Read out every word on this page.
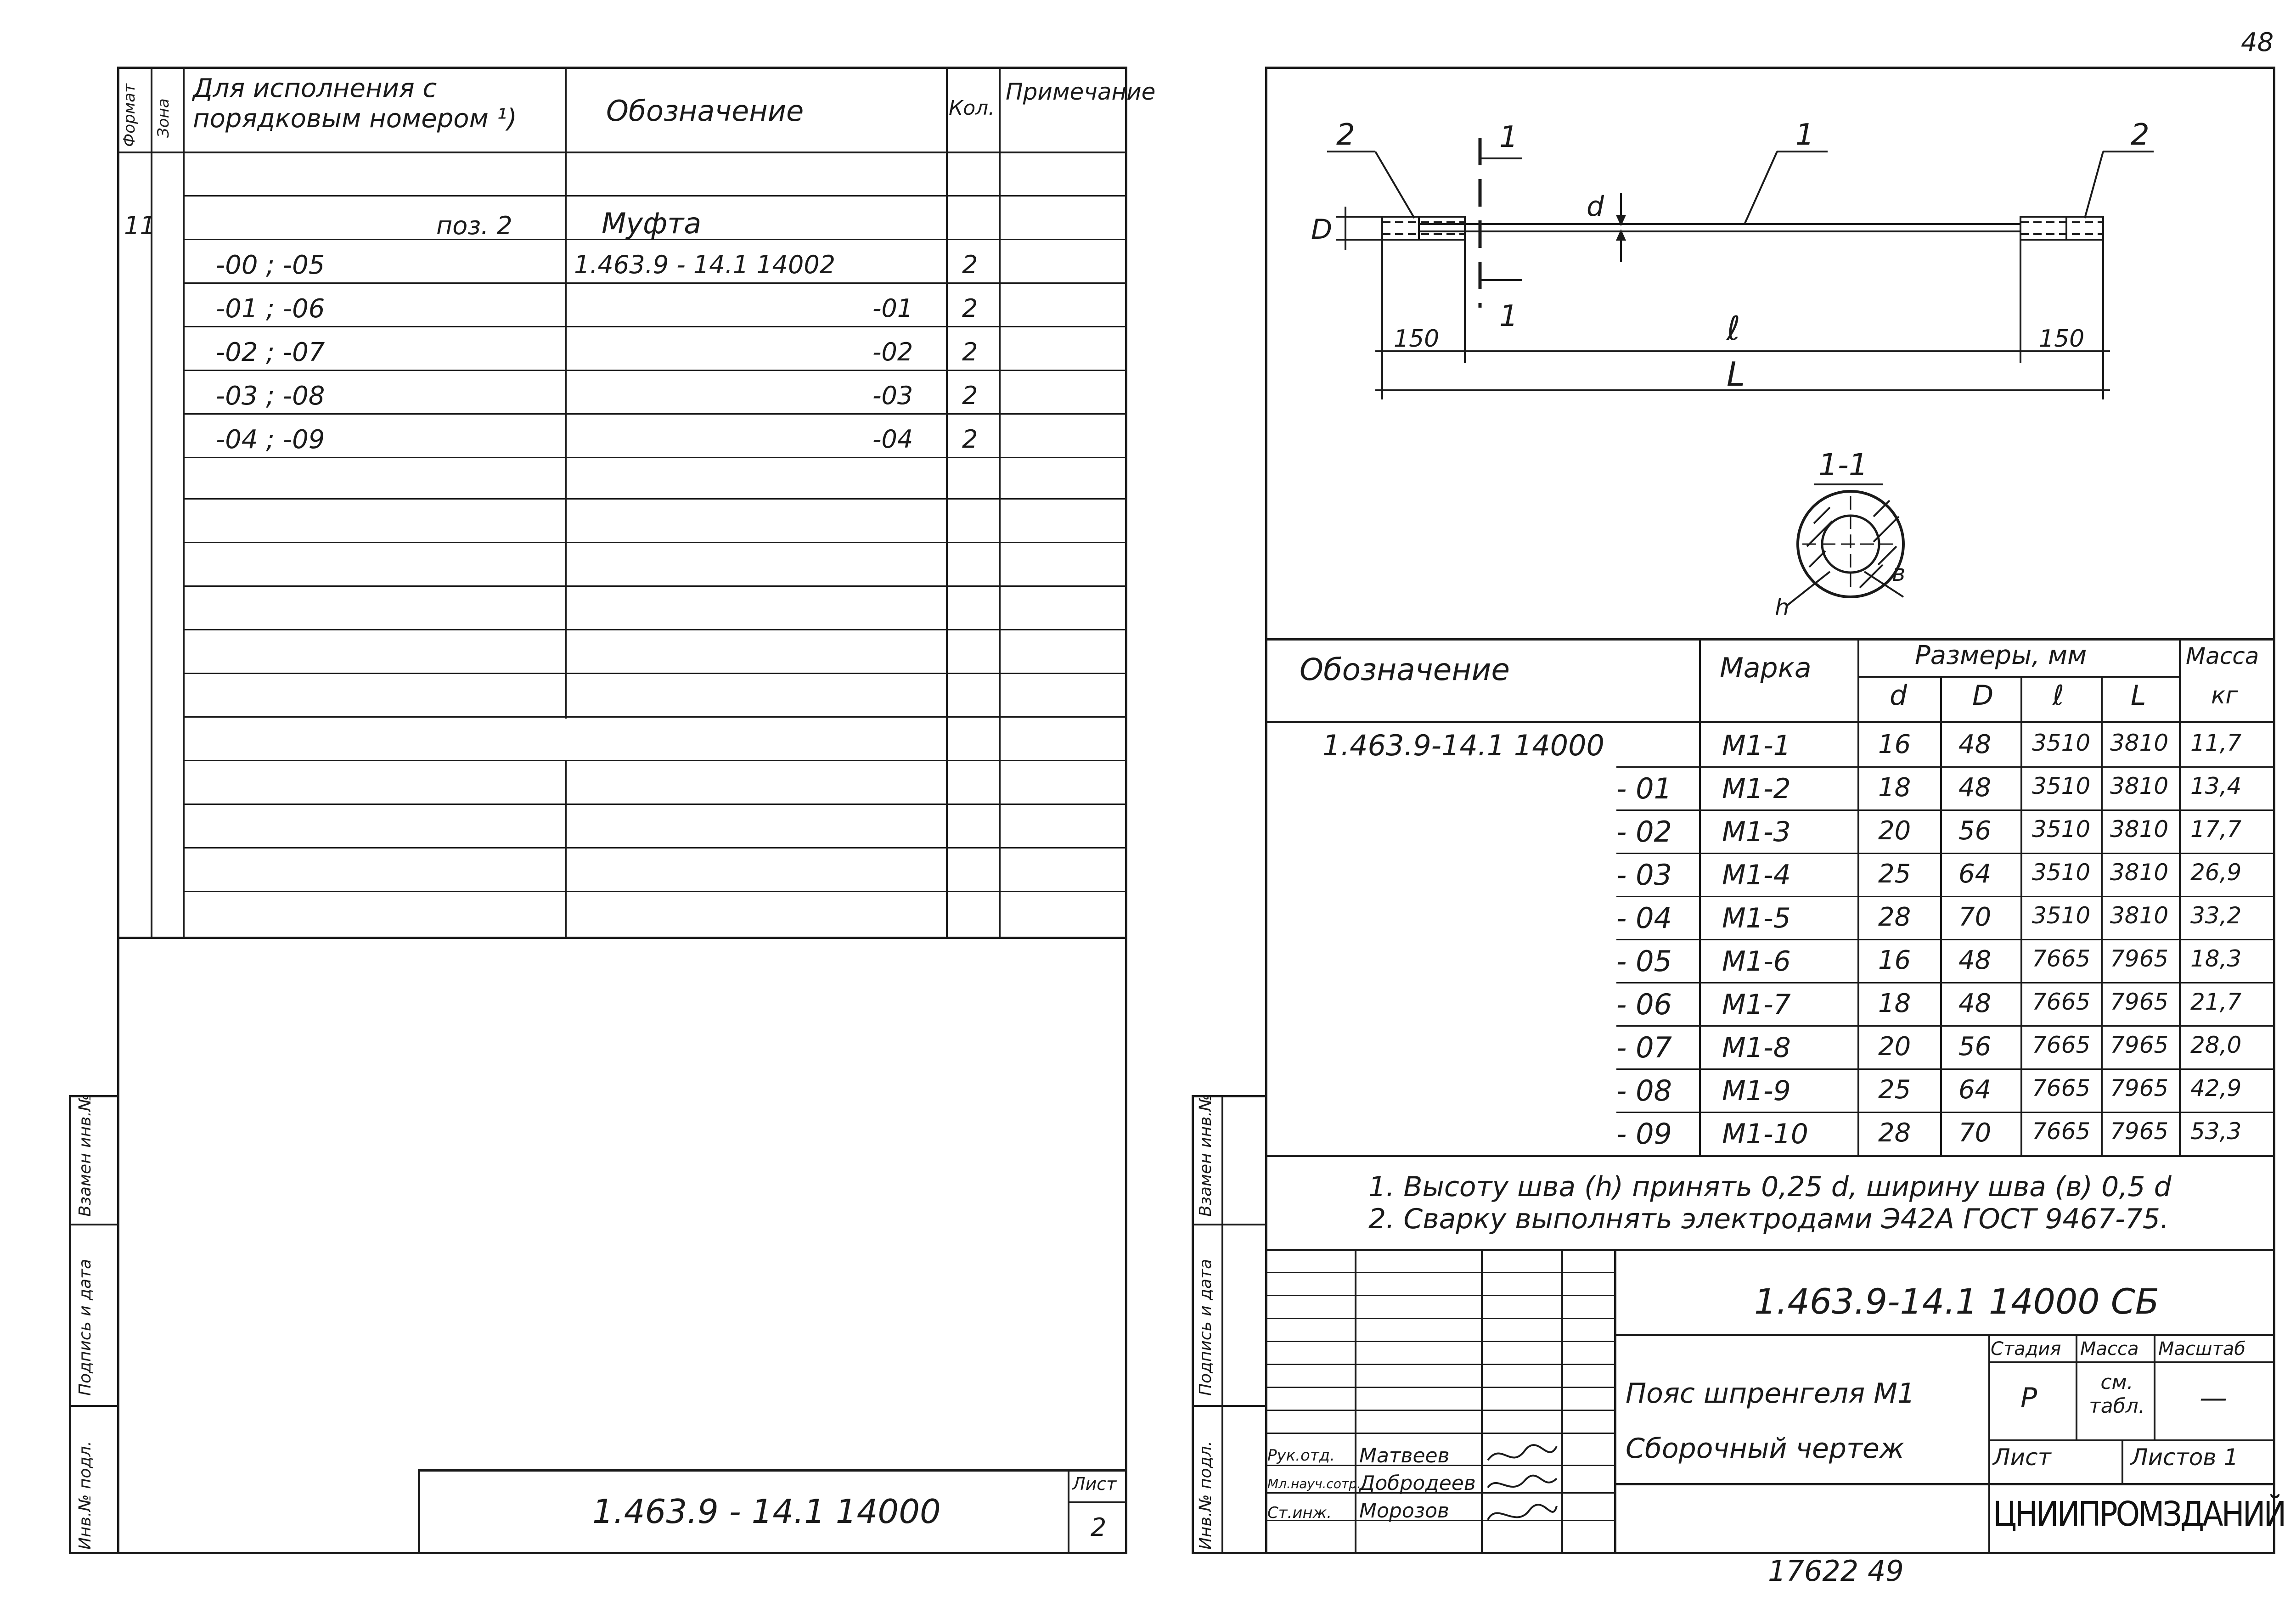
48
Формат Зона
Для исполнения с порядковым номером ¹)	Обозначение	Кол.
Примечание
11	поз. 2	Муфта
-00 ; -05	1.463.9 - 14.1 14002	2
-01 ; -06	-01 2
-02 ; -07	-02 2
-03 ; -08	-03 2
-04 ; -09	-04 2
Инв.№ подл.
Подпись и дата
Взамен инв.№
1.463.9 - 14.1 14000
Лист
2
2	1	1	2
d
D
1
150	ℓ	150
L
1-1
h
в
Обозначение	Марка	Размеры, мм	Масса
d D ℓ L	кг
1.463.9-14.1 14000	М1-1	16 48 3510 3810 11,7
- 01 М1-2	18 48 3510 3810 13,4
- 02 М1-3	20 56 3510 3810 17,7
- 03 М1-4	25 64 3510 3810 26,9
- 04 М1-5	28 70 3510 3810 33,2
- 05 М1-6	16 48 7665 7965 18,3
- 06 М1-7	18 48 7665 7965 21,7
- 07 М1-8	20 56 7665 7965 28,0
- 08 М1-9	25 64 7665 7965 42,9
- 09 М1-10	28 70 7665 7965 53,3
1. Высоту шва (h) принять 0,25 d, ширину шва (в) 0,5 d
2. Сварку выполнять электродами Э42А ГОСТ 9467-75.
1.463.9-14.1 14000 СБ
Пояс шпренгеля М1
Сборочный чертеж
Стадия Масса Масштаб
Р	см. табл. —
Лист	Листов 1
ЦНИИПРОМЗДАНИЙ
Рук.отд. Матвеев
Мл.науч.сотр.
Добродеев
Ст.инж. Морозов
Инв.№ подл.
Подпись и дата
Взамен инв.№
17622 49
